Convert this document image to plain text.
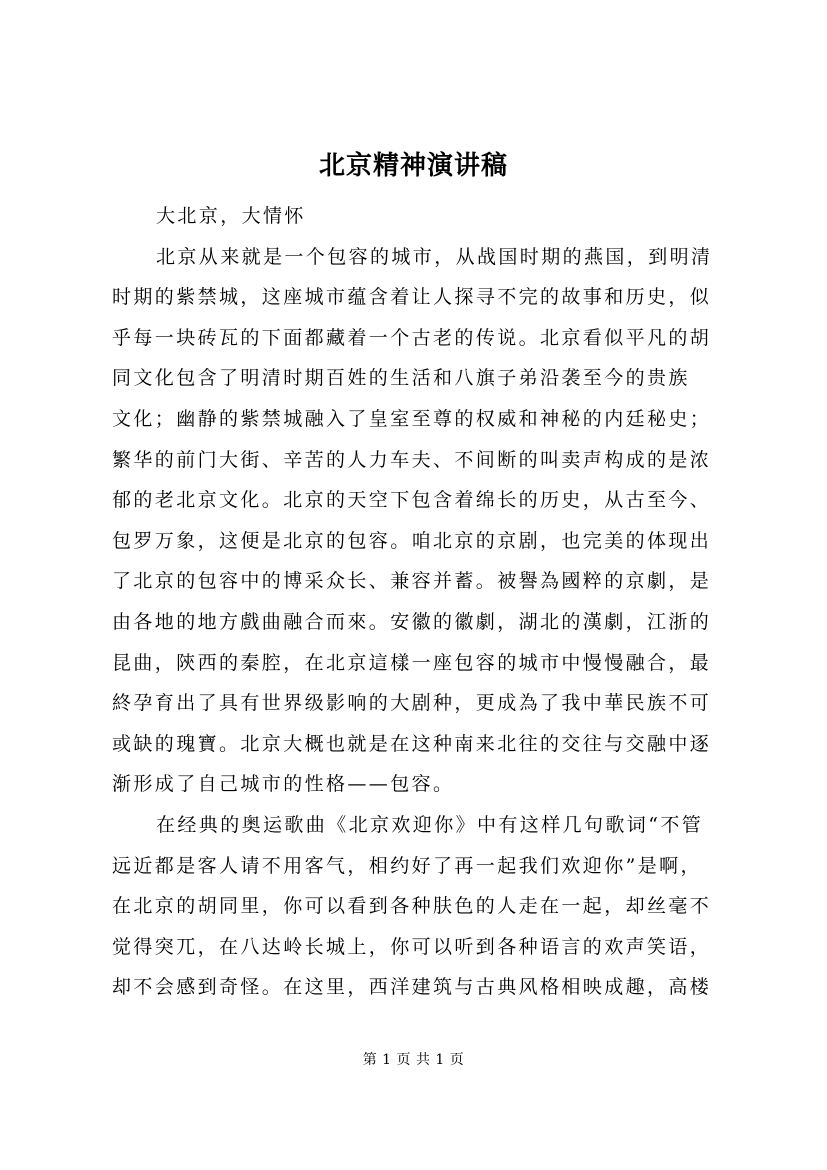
北京精神演讲稿

大北京，大情怀

北京从来就是一个包容的城市，从战国时期的燕国，到明清
时期的紫禁城，这座城市蕴含着让人探寻不完的故事和历史，似
乎每一块砖瓦的下面都藏着一个古老的传说。北京看似平凡的胡
同文化包含了明清时期百姓的生活和八旗子弟沿袭至今的贵族
文化；幽静的紫禁城融入了皇室至尊的权威和神秘的内廷秘史；
繁华的前门大街、辛苦的人力车夫、不间断的叫卖声构成的是浓
郁的老北京文化。北京的天空下包含着绵长的历史，从古至今、
包罗万象，这便是北京的包容。咱北京的京剧，也完美的体现出
了北京的包容中的博采众长、兼容并蓄。被譽為國粹的京劇，是
由各地的地方戲曲融合而來。安徽的徽劇，湖北的漢劇，江浙的
昆曲，陝西的秦腔，在北京這樣一座包容的城市中慢慢融合，最
終孕育出了具有世界级影响的大剧种，更成為了我中華民族不可
或缺的瑰寶。北京大概也就是在这种南来北往的交往与交融中逐
渐形成了自己城市的性格——包容。

在经典的奥运歌曲《北京欢迎你》中有这样几句歌词“不管
远近都是客人请不用客气，相约好了再一起我们欢迎你”是啊，
在北京的胡同里，你可以看到各种肤色的人走在一起，却丝毫不
觉得突兀，在八达岭长城上，你可以听到各种语言的欢声笑语，
却不会感到奇怪。在这里，西洋建筑与古典风格相映成趣，高楼

第 1 页 共 1 页
